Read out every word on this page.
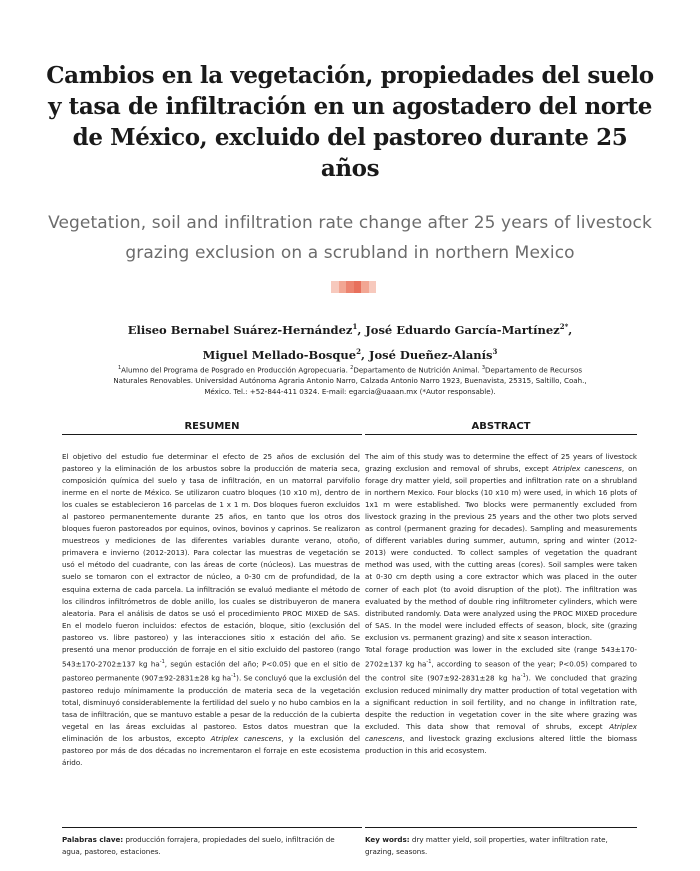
Cambios en la vegetación, propiedades del suelo y tasa de infiltración en un agostadero del norte de México, excluido del pastoreo durante 25 años
Vegetation, soil and infiltration rate change after 25 years of livestock grazing exclusion on a scrubland in northern Mexico
Eliseo Bernabel Suárez-Hernández$^1$, José Eduardo García-Martínez$^{2*}$,
Miguel Mellado-Bosque$^2$, José Dueñez-Alanís$^3$
$^1$Alumno del Programa de Posgrado en Producción Agropecuaria. $^2$Departamento de Nutrición Animal. $^3$Departamento de Recursos Naturales Renovables. Universidad Autónoma Agraria Antonio Narro, Calzada Antonio Narro 1923, Buenavista, 25315, Saltillo, Coah., México. Tel.: +52-844-411 0324. E-mail: egarcia@uaaan.mx (*Autor responsable).
RESUMEN

El objetivo del estudio fue determinar el efecto de 25 años de exclusión del pastoreo y la eliminación de los arbustos sobre la producción de materia seca, composición química del suelo y tasa de infiltración, en un matorral parvifolio inerme en el norte de México. Se utilizaron cuatro bloques (10 x10 m), dentro de los cuales se establecieron 16 parcelas de 1 x 1 m. Dos bloques fueron excluidos al pastoreo permanentemente durante 25 años, en tanto que los otros dos bloques fueron pastoreados por equinos, ovinos, bovinos y caprinos. Se realizaron muestreos y mediciones de las diferentes variables durante verano, otoño, primavera e invierno (2012-2013). Para colectar las muestras de vegetación se usó el método del cuadrante, con las áreas de corte (núcleos). Las muestras de suelo se tomaron con el extractor de núcleo, a 0-30 cm de profundidad, de la esquina externa de cada parcela. La infiltración se evaluó mediante el método de los cilindros infiltrómetros de doble anillo, los cuales se distribuyeron de manera aleatoria. Para el análisis de datos se usó el procedimiento PROC MIXED de SAS. En el modelo fueron incluidos: efectos de estación, bloque, sitio (exclusión del pastoreo vs. libre pastoreo) y las interacciones sitio x estación del año. Se presentó una menor producción de forraje en el sitio excluido del pastoreo (rango 543±170-2702±137 kg $ha^{-1}$, según estación del año; P<0.05) que en el sitio de pastoreo permanente (907±92-2831±28 kg $ha^{-1}$). Se concluyó que la exclusión del pastoreo redujo mínimamente la producción de materia seca de la vegetación total, disminuyó considerablemente la fertilidad del suelo y no hubo cambios en la tasa de infiltración, que se mantuvo estable a pesar de la reducción de la cubierta vegetal en las áreas excluidas al pastoreo. Estos datos muestran que la eliminación de los arbustos, excepto Atriplex canescens, y la exclusión del pastoreo por más de dos décadas no incrementaron el forraje en este ecosistema árido.

ABSTRACT

The aim of this study was to determine the effect of 25 years of livestock grazing exclusion and removal of shrubs, except Atriplex canescens, on forage dry matter yield, soil properties and infiltration rate on a shrubland in northern Mexico. Four blocks (10 x10 m) were used, in which 16 plots of 1x1 m were established. Two blocks were permanently excluded from livestock grazing in the previous 25 years and the other two plots served as control (permanent grazing for decades). Sampling and measurements of different variables during summer, autumn, spring and winter (2012-2013) were conducted. To collect samples of vegetation the quadrant method was used, with the cutting areas (cores). Soil samples were taken at 0-30 cm depth using a core extractor which was placed in the outer corner of each plot (to avoid disruption of the plot). The infiltration was evaluated by the method of double ring infiltrometer cylinders, which were distributed randomly. Data were analyzed using the PROC MIXED procedure of SAS. In the model were included effects of season, block, site (grazing exclusion vs. permanent grazing) and site x season interaction.

Total forage production was lower in the excluded site (range 543±170-2702±137 kg $ha^{-1}$, according to season of the year; P<0.05) compared to the control site (907±92-2831±28 kg $ha^{-1}$). We concluded that grazing exclusion reduced minimally dry matter production of total vegetation with a significant reduction in soil fertility, and no change in infiltration rate, despite the reduction in vegetation cover in the site where grazing was excluded. This data show that removal of shrubs, except Atriplex canescens, and livestock grazing exclusions altered little the biomass production in this arid ecosystem.

Palabras clave: producción forrajera, propiedades del suelo, infiltración de agua, pastoreo, estaciones.
Key words: dry matter yield, soil properties, water infiltration rate, grazing, seasons.
